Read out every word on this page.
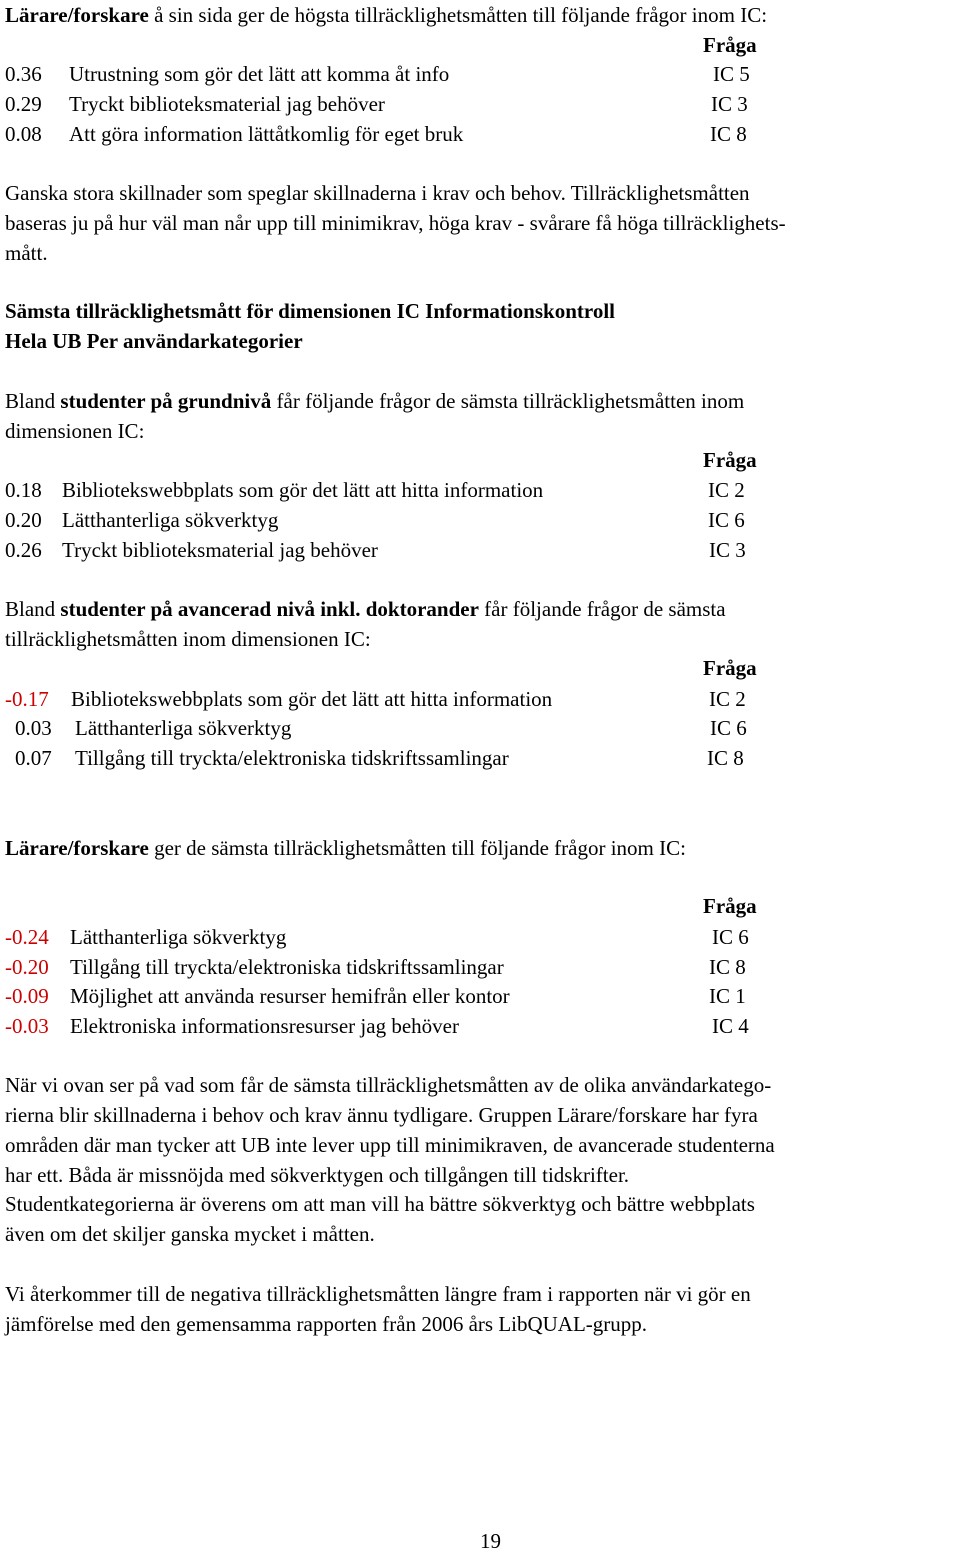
Lärare/forskare å sin sida ger de högsta tillräcklighetsmåtten till följande frågor inom IC:
Fråga
0.36 Utrustning som gör det lätt att komma åt info	IC 5
0.29 Tryckt biblioteksmaterial jag behöver	IC 3
0.08 Att göra information lättåtkomlig för eget bruk	IC 8
Ganska stora skillnader som speglar skillnaderna i krav och behov. Tillräcklighetsmåtten
baseras ju på hur väl man når upp till minimikrav, höga krav - svårare få höga tillräcklighets-
mått.
Sämsta tillräcklighetsmått för dimensionen IC Informationskontroll
Hela UB Per användarkategorier
Bland studenter på grundnivå får följande frågor de sämsta tillräcklighetsmåtten inom
dimensionen IC:
Fråga
0.18 Bibliotekswebbplats som gör det lätt att hitta information	IC 2
0.20 Lätthanterliga sökverktyg	IC 6
0.26 Tryckt biblioteksmaterial jag behöver	IC 3
Bland studenter på avancerad nivå inkl. doktorander får följande frågor de sämsta
tillräcklighetsmåtten inom dimensionen IC:
Fråga
-0.17 Bibliotekswebbplats som gör det lätt att hitta information	IC 2
0.03 Lätthanterliga sökverktyg	IC 6
0.07 Tillgång till tryckta/elektroniska tidskriftssamlingar	IC 8
Lärare/forskare ger de sämsta tillräcklighetsmåtten till följande frågor inom IC:
Fråga
-0.24 Lätthanterliga sökverktyg	IC 6
-0.20 Tillgång till tryckta/elektroniska tidskriftssamlingar	IC 8
-0.09 Möjlighet att använda resurser hemifrån eller kontor	IC 1
-0.03 Elektroniska informationsresurser jag behöver	IC 4
När vi ovan ser på vad som får de sämsta tillräcklighetsmåtten av de olika användarkatego-
rierna blir skillnaderna i behov och krav ännu tydligare. Gruppen Lärare/forskare har fyra
områden där man tycker att UB inte lever upp till minimikraven, de avancerade studenterna
har ett. Båda är missnöjda med sökverktygen och tillgången till tidskrifter.
Studentkategorierna är överens om att man vill ha bättre sökverktyg och bättre webbplats
även om det skiljer ganska mycket i måtten.
Vi återkommer till de negativa tillräcklighetsmåtten längre fram i rapporten när vi gör en
jämförelse med den gemensamma rapporten från 2006 års LibQUAL-grupp.
19
